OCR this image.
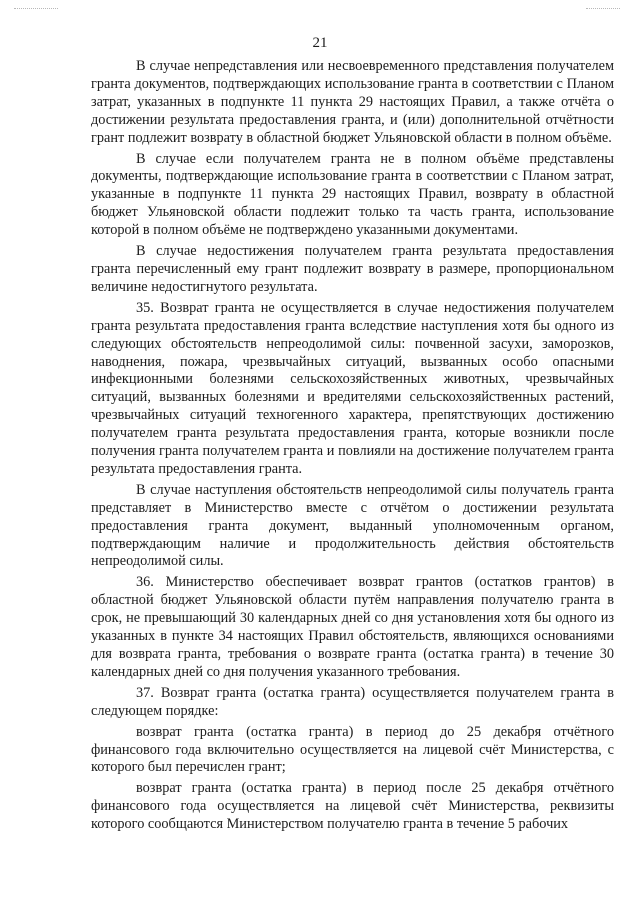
21

В случае непредставления или несвоевременного представления получателем гранта документов, подтверждающих использование гранта в соответствии с Планом затрат, указанных в подпункте 11 пункта 29 настоящих Правил, а также отчёта о достижении результата предоставления гранта, и (или) дополнительной отчётности грант подлежит возврату в областной бюджет Ульяновской области в полном объёме.

В случае если получателем гранта не в полном объёме представлены документы, подтверждающие использование гранта в соответствии с Планом затрат, указанные в подпункте 11 пункта 29 настоящих Правил, возврату в областной бюджет Ульяновской области подлежит только та часть гранта, использование которой в полном объёме не подтверждено указанными документами.

В случае недостижения получателем гранта результата предоставления гранта перечисленный ему грант подлежит возврату в размере, пропорциональном величине недостигнутого результата.

35. Возврат гранта не осуществляется в случае недостижения получателем гранта результата предоставления гранта вследствие наступления хотя бы одного из следующих обстоятельств непреодолимой силы: почвенной засухи, заморозков, наводнения, пожара, чрезвычайных ситуаций, вызванных особо опасными инфекционными болезнями сельскохозяйственных животных, чрезвычайных ситуаций, вызванных болезнями и вредителями сельскохозяйственных растений, чрезвычайных ситуаций техногенного характера, препятствующих достижению получателем гранта результата предоставления гранта, которые возникли после получения гранта получателем гранта и повлияли на достижение получателем гранта результата предоставления гранта.

В случае наступления обстоятельств непреодолимой силы получатель гранта представляет в Министерство вместе с отчётом о достижении результата предоставления гранта документ, выданный уполномоченным органом, подтверждающим наличие и продолжительность действия обстоятельств непреодолимой силы.

36. Министерство обеспечивает возврат грантов (остатков грантов) в областной бюджет Ульяновской области путём направления получателю гранта в срок, не превышающий 30 календарных дней со дня установления хотя бы одного из указанных в пункте 34 настоящих Правил обстоятельств, являющихся основаниями для возврата гранта, требования о возврате гранта (остатка гранта) в течение 30 календарных дней со дня получения указанного требования.

37. Возврат гранта (остатка гранта) осуществляется получателем гранта в следующем порядке:

возврат гранта (остатка гранта) в период до 25 декабря отчётного финансового года включительно осуществляется на лицевой счёт Министерства, с которого был перечислен грант;

возврат гранта (остатка гранта) в период после 25 декабря отчётного финансового года осуществляется на лицевой счёт Министерства, реквизиты которого сообщаются Министерством получателю гранта в течение 5 рабочих
